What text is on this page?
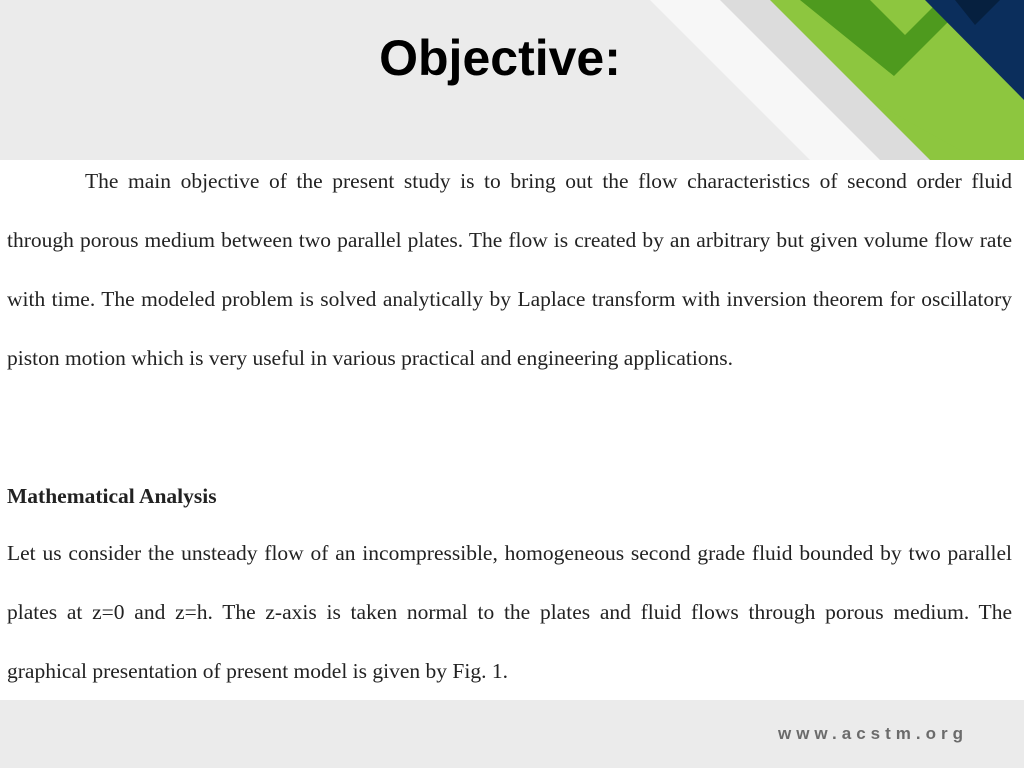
Objective:

The main objective of the present study is to bring out the flow characteristics of second order fluid through porous medium between two parallel plates. The flow is created by an arbitrary but given volume flow rate with time. The modeled problem is solved analytically by Laplace transform with inversion theorem for oscillatory piston motion which is very useful in various practical and engineering applications.

Mathematical Analysis

Let us consider the unsteady flow of an incompressible, homogeneous second grade fluid bounded by two parallel plates at z=0 and z=h. The z-axis is taken normal to the plates and fluid flows through porous medium. The graphical presentation of present model is given by Fig. 1.

www.acstm.org
